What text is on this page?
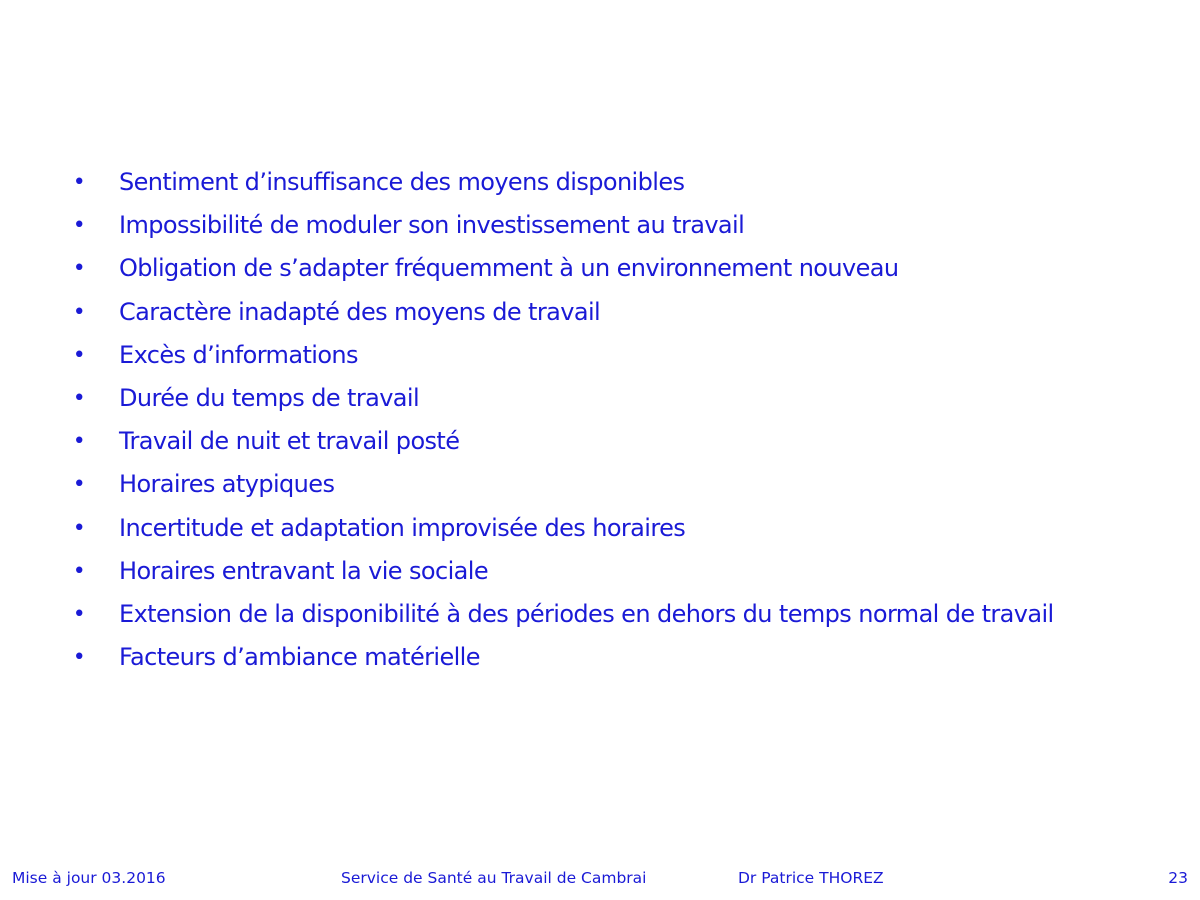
• Sentiment d’insuffisance des moyens disponibles
• Impossibilité de moduler son investissement au travail
• Obligation de s’adapter fréquemment à un environnement nouveau
• Caractère inadapté des moyens de travail
• Excès d’informations
• Durée du temps de travail
• Travail de nuit et travail posté
• Horaires atypiques
• Incertitude et adaptation improvisée des horaires
• Horaires entravant la vie sociale
• Extension de la disponibilité à des périodes en dehors du temps normal de travail
• Facteurs d’ambiance matérielle
Mise à jour 03.2016	Service de Santé au Travail de Cambrai	Dr Patrice THOREZ	23
